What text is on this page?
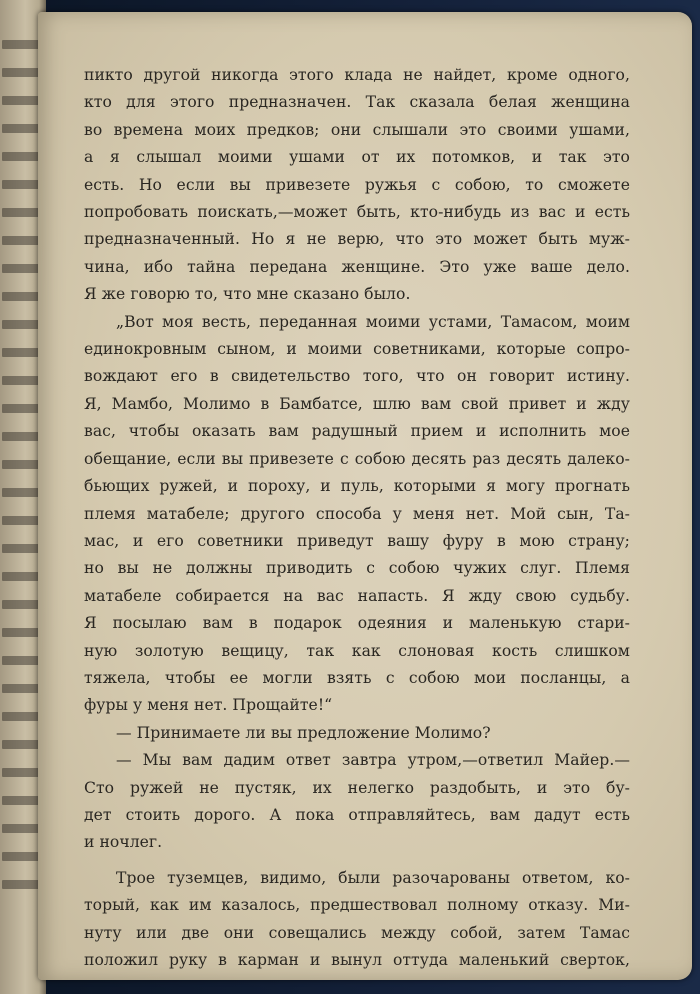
пикто другой никогда этого клада не найдет, кроме одного,
кто для этого предназначен. Так сказала белая женщина
во времена моих предков; они слышали это своими ушами,
а я слышал моими ушами от их потомков, и так это
есть. Но если вы привезете ружья с собою, то сможете
попробовать поискать,—может быть, кто-нибудь из вас и есть
предназначенный. Но я не верю, что это может быть муж-
чина, ибо тайна передана женщине. Это уже ваше дело.
Я же говорю то, что мне сказано было.
„Вот моя весть, переданная моими устами, Тамасом, моим
единокровным сыном, и моими советниками, которые сопро-
вождают его в свидетельство того, что он говорит истину.
Я, Мамбо, Молимо в Бамбатсе, шлю вам свой привет и жду
вас, чтобы оказать вам радушный прием и исполнить мое
обещание, если вы привезете с собою десять раз десять далеко-
бьющих ружей, и пороху, и пуль, которыми я могу прогнать
племя матабеле; другого способа у меня нет. Мой сын, Та-
мас, и его советники приведут вашу фуру в мою страну;
но вы не должны приводить с собою чужих слуг. Племя
матабеле собирается на вас напасть. Я жду свою судьбу.
Я посылаю вам в подарок одеяния и маленькую стари-
ную золотую вещицу, так как слоновая кость слишком
тяжела, чтобы ее могли взять с собою мои посланцы, а
фуры у меня нет. Прощайте!“
— Принимаете ли вы предложение Молимо?
— Мы вам дадим ответ завтра утром,—ответил Майер.—
Сто ружей не пустяк, их нелегко раздобыть, и это бу-
дет стоить дорого. А пока отправляйтесь, вам дадут есть
и ночлег.
Трое туземцев, видимо, были разочарованы ответом, ко-
торый, как им казалось, предшествовал полному отказу. Ми-
нуту или две они совещались между собой, затем Тамас
положил руку в карман и вынул оттуда маленький сверток,
